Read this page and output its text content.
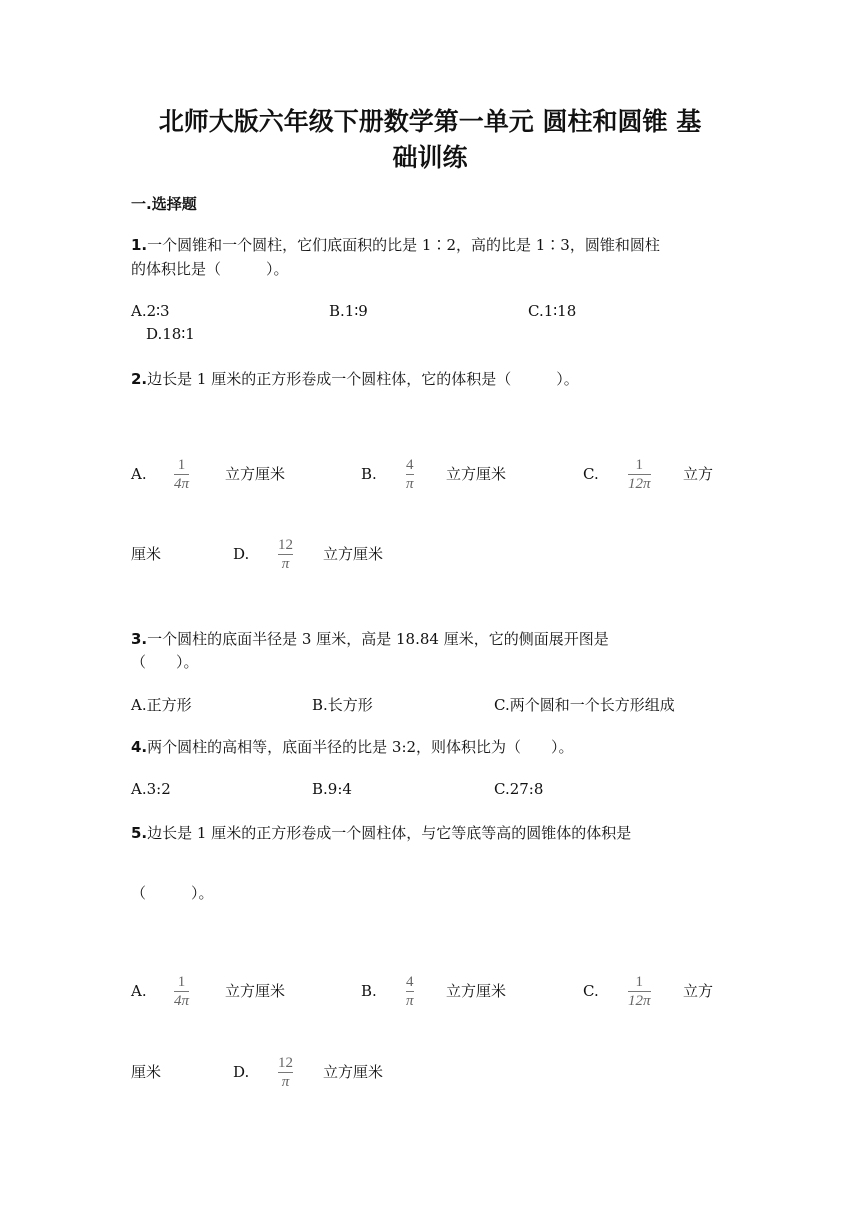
北师大版六年级下册数学第一单元 圆柱和圆锥 基
础训练
一.选择题
1.一个圆锥和一个圆柱，它们底面积的比是 1∶2，高的比是 1∶3，圆锥和圆柱
的体积比是（　　　）。
A.2∶3	B.1∶9	C.1∶18
D.18∶1
2.边长是 1 厘米的正方形卷成一个圆柱体，它的体积是（　　　）。
A. 1
4π
立方厘米	B. 4
π
立方厘米	C. 1
12π
立方
厘米	D. 12
π
立方厘米
3.一个圆柱的底面半径是 3 厘米，高是 18.84 厘米，它的侧面展开图是
（　　）。
A.正方形	B.长方形	C.两个圆和一个长方形组成
4.两个圆柱的高相等，底面半径的比是 3:2，则体积比为（　　）。
A.3:2	B.9:4	C.27:8
5.边长是 1 厘米的正方形卷成一个圆柱体，与它等底等高的圆锥体的体积是
（　　　）。
A. 1
4π
立方厘米	B. 4
π
立方厘米	C. 1
12π
立方
厘米	D. 12
π
立方厘米
